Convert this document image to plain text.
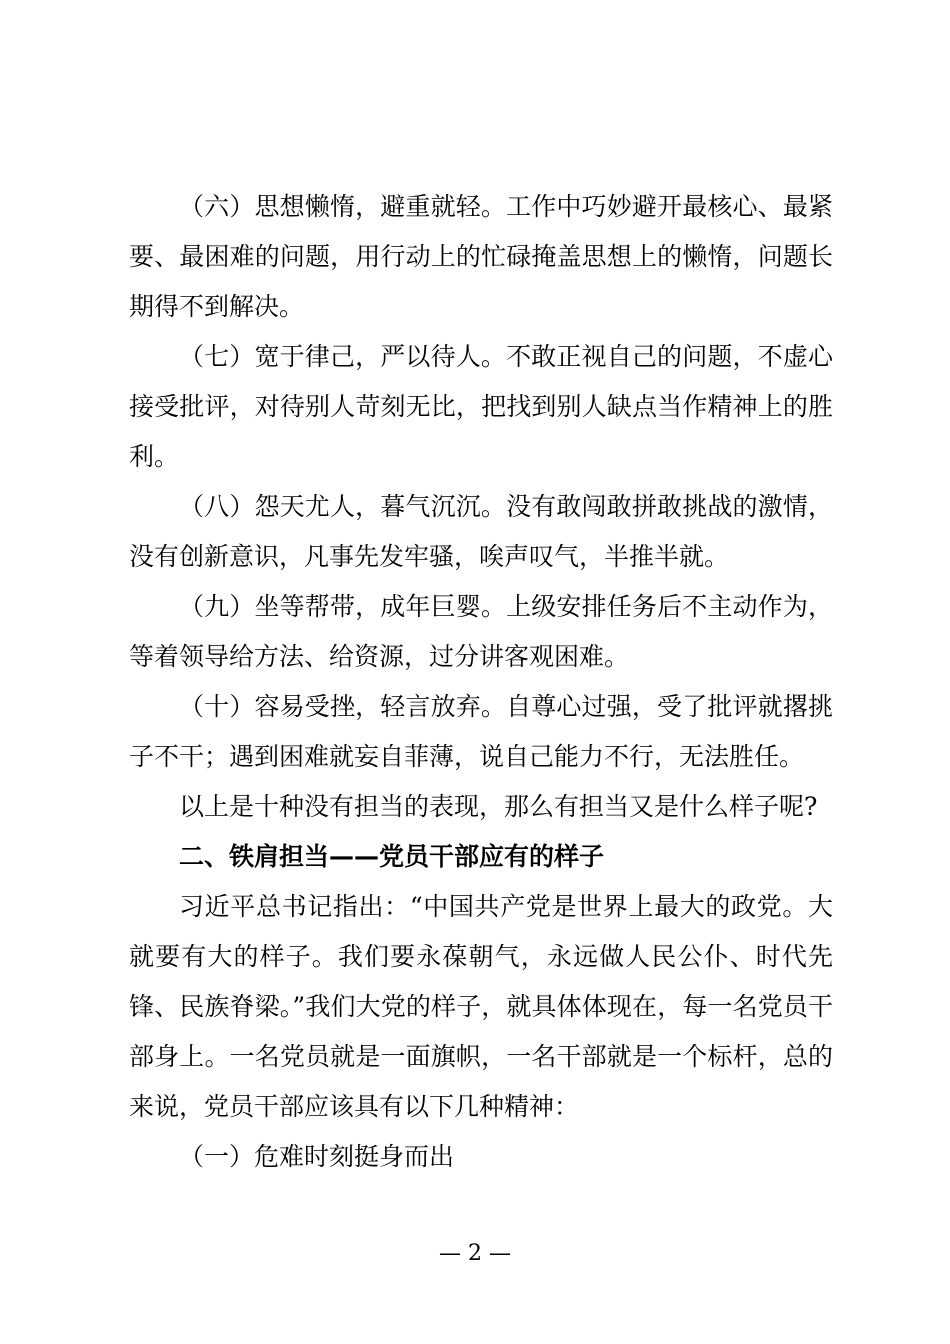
（六）思想懒惰，避重就轻。工作中巧妙避开最核心、最紧要、最困难的问题，用行动上的忙碌掩盖思想上的懒惰，问题长期得不到解决。

（七）宽于律己，严以待人。不敢正视自己的问题，不虚心接受批评，对待别人苛刻无比，把找到别人缺点当作精神上的胜利。

（八）怨天尤人，暮气沉沉。没有敢闯敢拼敢挑战的激情，没有创新意识，凡事先发牢骚，唉声叹气，半推半就。

（九）坐等帮带，成年巨婴。上级安排任务后不主动作为，等着领导给方法、给资源，过分讲客观困难。

（十）容易受挫，轻言放弃。自尊心过强，受了批评就撂挑子不干；遇到困难就妄自菲薄，说自己能力不行，无法胜任。

以上是十种没有担当的表现，那么有担当又是什么样子呢?

二、铁肩担当——党员干部应有的样子

习近平总书记指出：“中国共产党是世界上最大的政党。大就要有大的样子。我们要永葆朝气，永远做人民公仆、时代先锋、民族脊梁。”我们大党的样子，就具体体现在，每一名党员干部身上。一名党员就是一面旗帜，一名干部就是一个标杆，总的来说，党员干部应该具有以下几种精神：

（一）危难时刻挺身而出

— 2 —
